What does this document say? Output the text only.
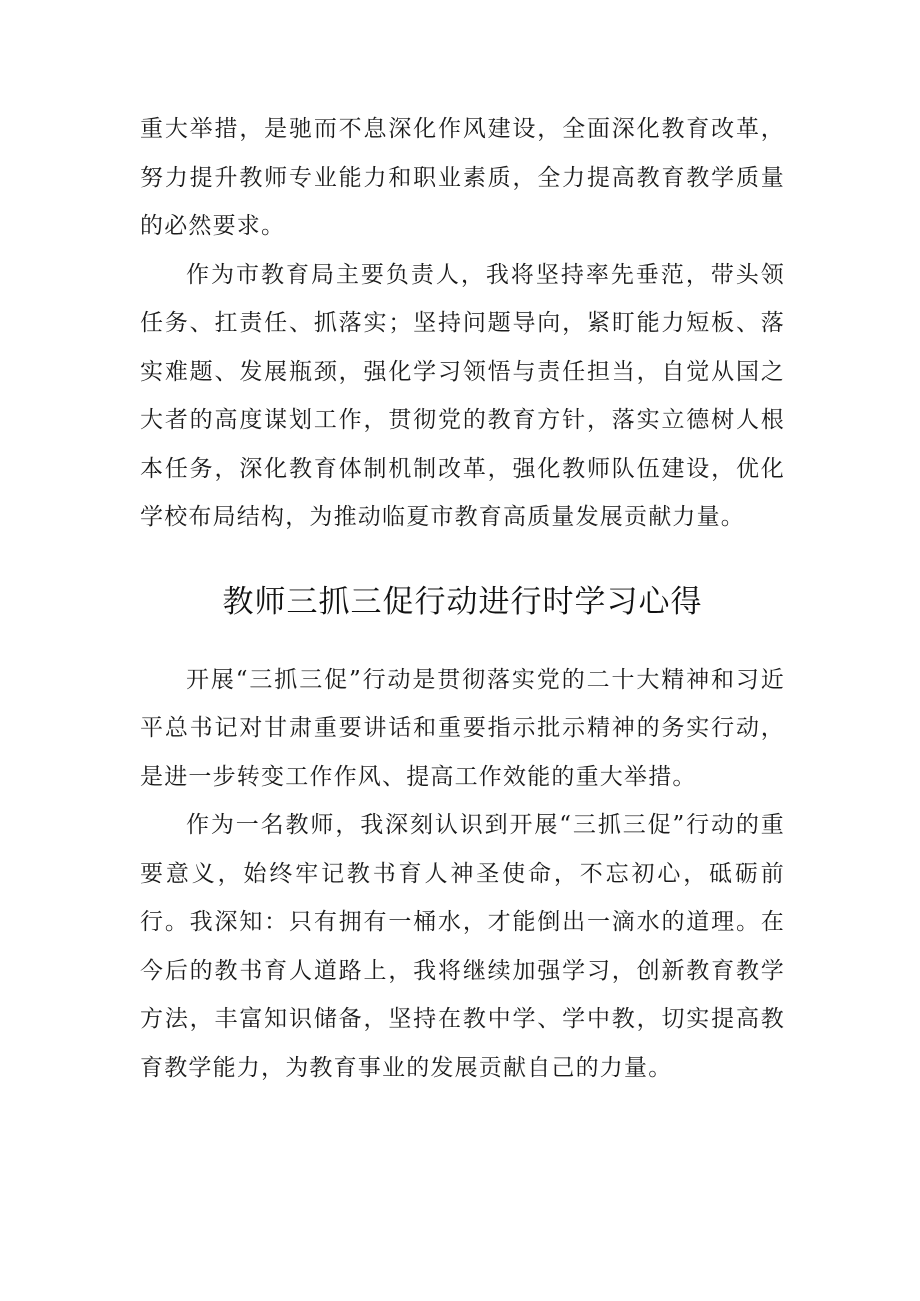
重大举措，是驰而不息深化作风建设，全面深化教育改革，努力提升教师专业能力和职业素质，全力提高教育教学质量的必然要求。

作为市教育局主要负责人，我将坚持率先垂范，带头领任务、扛责任、抓落实；坚持问题导向，紧盯能力短板、落实难题、发展瓶颈，强化学习领悟与责任担当，自觉从国之大者的高度谋划工作，贯彻党的教育方针，落实立德树人根本任务，深化教育体制机制改革，强化教师队伍建设，优化学校布局结构，为推动临夏市教育高质量发展贡献力量。

教师三抓三促行动进行时学习心得

开展“三抓三促”行动是贯彻落实党的二十大精神和习近平总书记对甘肃重要讲话和重要指示批示精神的务实行动，是进一步转变工作作风、提高工作效能的重大举措。

作为一名教师，我深刻认识到开展“三抓三促”行动的重要意义，始终牢记教书育人神圣使命，不忘初心，砥砺前行。我深知：只有拥有一桶水，才能倒出一滴水的道理。在今后的教书育人道路上，我将继续加强学习，创新教育教学方法，丰富知识储备，坚持在教中学、学中教，切实提高教育教学能力，为教育事业的发展贡献自己的力量。
